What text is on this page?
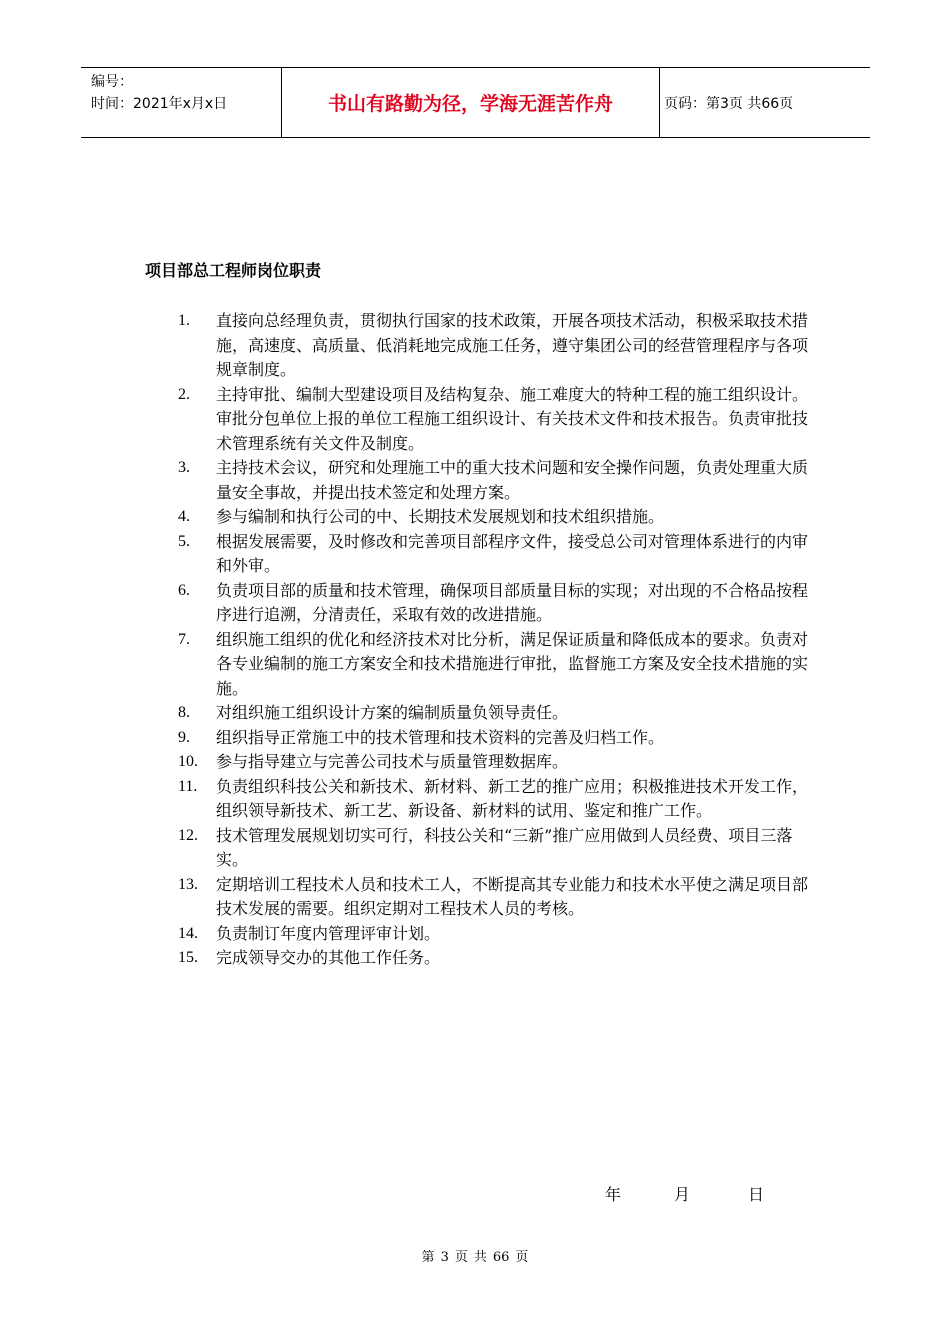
编号：
时间：2021年x月x日	书山有路勤为径，学海无涯苦作舟	页码：第3页 共66页
项目部总工程师岗位职责
1.	直接向总经理负责，贯彻执行国家的技术政策，开展各项技术活动，积极采取技术措施，高速度、高质量、低消耗地完成施工任务，遵守集团公司的经营管理程序与各项规章制度。
2.	主持审批、编制大型建设项目及结构复杂、施工难度大的特种工程的施工组织设计。审批分包单位上报的单位工程施工组织设计、有关技术文件和技术报告。负责审批技术管理系统有关文件及制度。
3.	主持技术会议，研究和处理施工中的重大技术问题和安全操作问题，负责处理重大质量安全事故，并提出技术签定和处理方案。
4.	参与编制和执行公司的中、长期技术发展规划和技术组织措施。
5.	根据发展需要，及时修改和完善项目部程序文件，接受总公司对管理体系进行的内审和外审。
6.	负责项目部的质量和技术管理，确保项目部质量目标的实现；对出现的不合格品按程序进行追溯，分清责任，采取有效的改进措施。
7.	组织施工组织的优化和经济技术对比分析，满足保证质量和降低成本的要求。负责对各专业编制的施工方案安全和技术措施进行审批，监督施工方案及安全技术措施的实施。
8.	对组织施工组织设计方案的编制质量负领导责任。
9.	组织指导正常施工中的技术管理和技术资料的完善及归档工作。
10.	参与指导建立与完善公司技术与质量管理数据库。
11.	负责组织科技公关和新技术、新材料、新工艺的推广应用；积极推进技术开发工作，组织领导新技术、新工艺、新设备、新材料的试用、鉴定和推广工作。
12.	技术管理发展规划切实可行，科技公关和“三新”推广应用做到人员经费、项目三落实。
13.	定期培训工程技术人员和技术工人，不断提高其专业能力和技术水平使之满足项目部技术发展的需要。组织定期对工程技术人员的考核。
14.	负责制订年度内管理评审计划。
15.	完成领导交办的其他工作任务。
年	月	日
第 3 页 共 66 页
